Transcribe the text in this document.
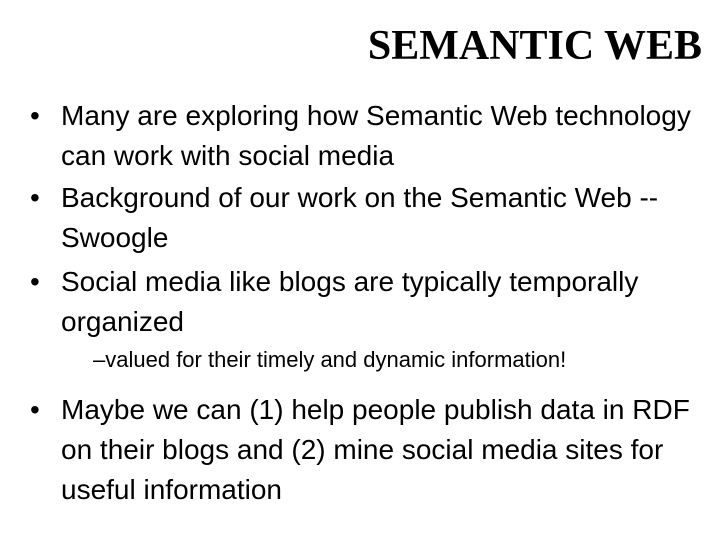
SEMANTIC WEB
• Many are exploring how Semantic Web technology can work with social media
• Background of our work on the Semantic Web -- Swoogle
• Social media like blogs are typically temporally organized
–valued for their timely and dynamic information!
• Maybe we can (1) help people publish data in RDF on their blogs and (2) mine social media sites for useful information
